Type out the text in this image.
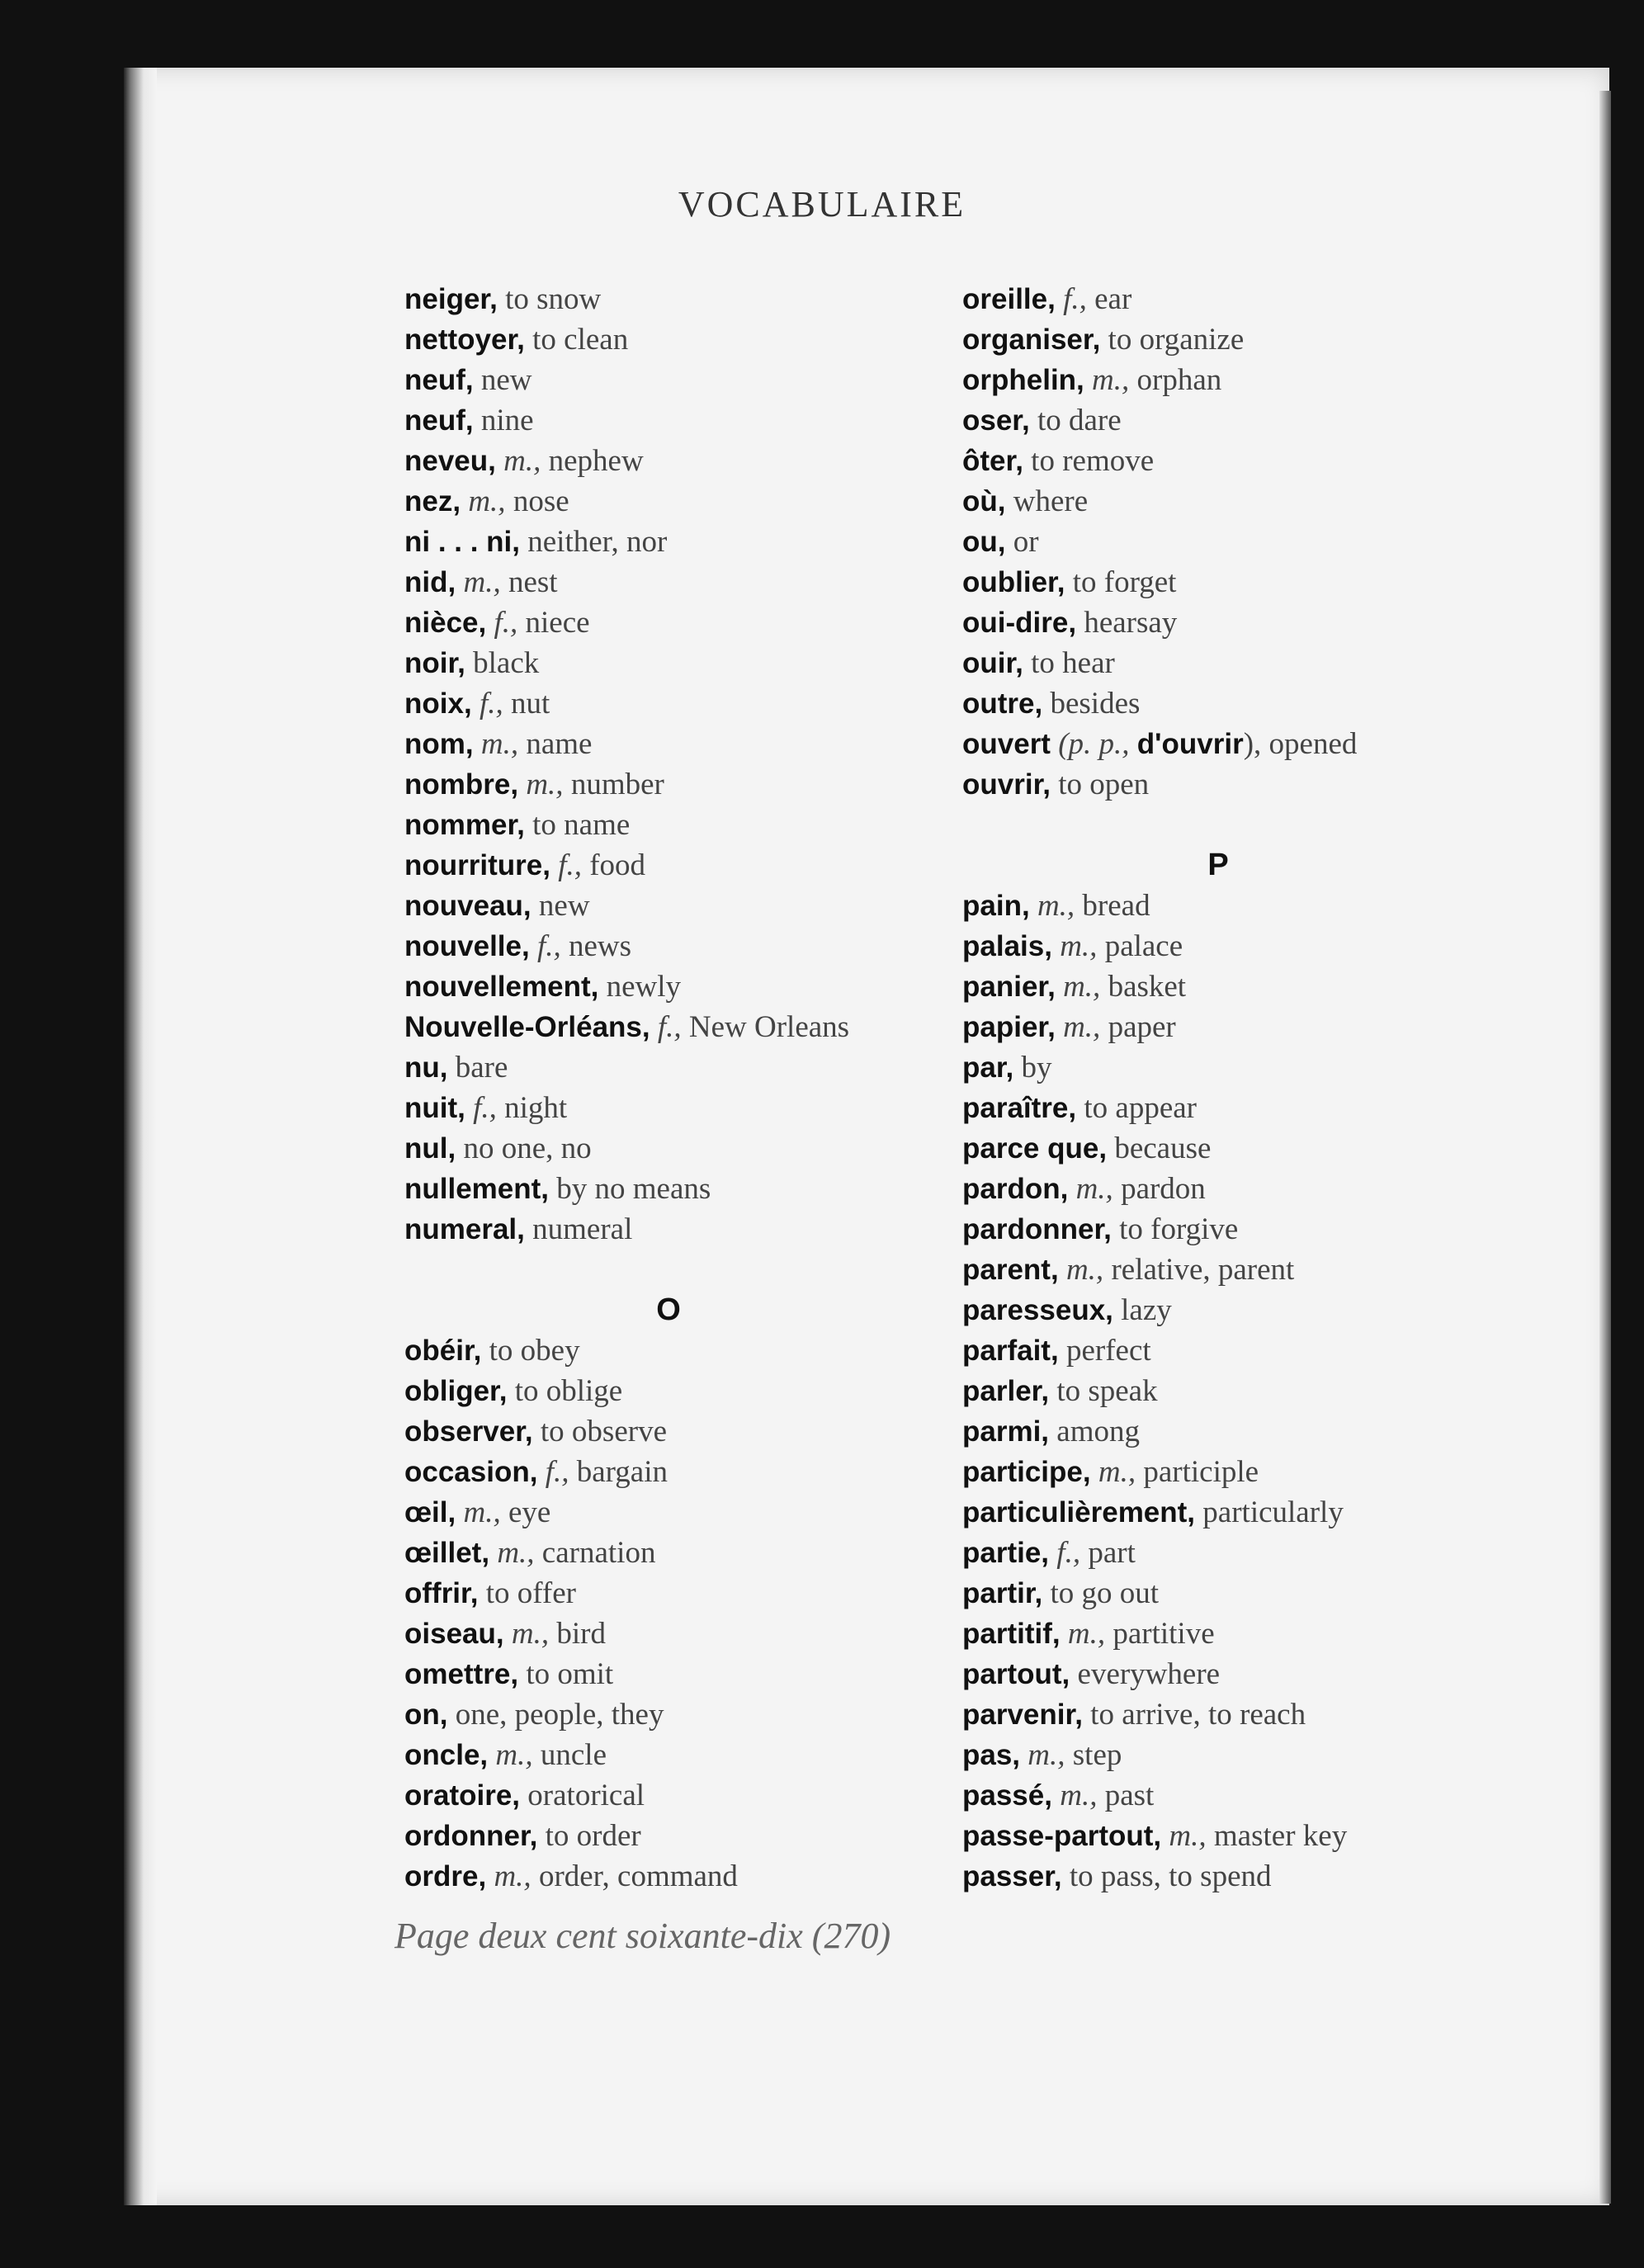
VOCABULAIRE
neiger, to snow
nettoyer, to clean
neuf, new
neuf, nine
neveu, m., nephew
nez, m., nose
ni . . . ni, neither, nor
nid, m., nest
nièce, f., niece
noir, black
noix, f., nut
nom, m., name
nombre, m., number
nommer, to name
nourriture, f., food
nouveau, new
nouvelle, f., news
nouvellement, newly
Nouvelle-Orléans, f., New Orleans
nu, bare
nuit, f., night
nul, no one, no
nullement, by no means
numeral, numeral
O
obéir, to obey
obliger, to oblige
observer, to observe
occasion, f., bargain
œil, m., eye
œillet, m., carnation
offrir, to offer
oiseau, m., bird
omettre, to omit
on, one, people, they
oncle, m., uncle
oratoire, oratorical
ordonner, to order
ordre, m., order, command
oreille, f., ear
organiser, to organize
orphelin, m., orphan
oser, to dare
ôter, to remove
où, where
ou, or
oublier, to forget
oui-dire, hearsay
ouir, to hear
outre, besides
ouvert (p. p., d'ouvrir), opened
ouvrir, to open
P
pain, m., bread
palais, m., palace
panier, m., basket
papier, m., paper
par, by
paraître, to appear
parce que, because
pardon, m., pardon
pardonner, to forgive
parent, m., relative, parent
paresseux, lazy
parfait, perfect
parler, to speak
parmi, among
participe, m., participle
particulièrement, particularly
partie, f., part
partir, to go out
partitif, m., partitive
partout, everywhere
parvenir, to arrive, to reach
pas, m., step
passé, m., past
passe-partout, m., master key
passer, to pass, to spend
Page deux cent soixante-dix (270)
